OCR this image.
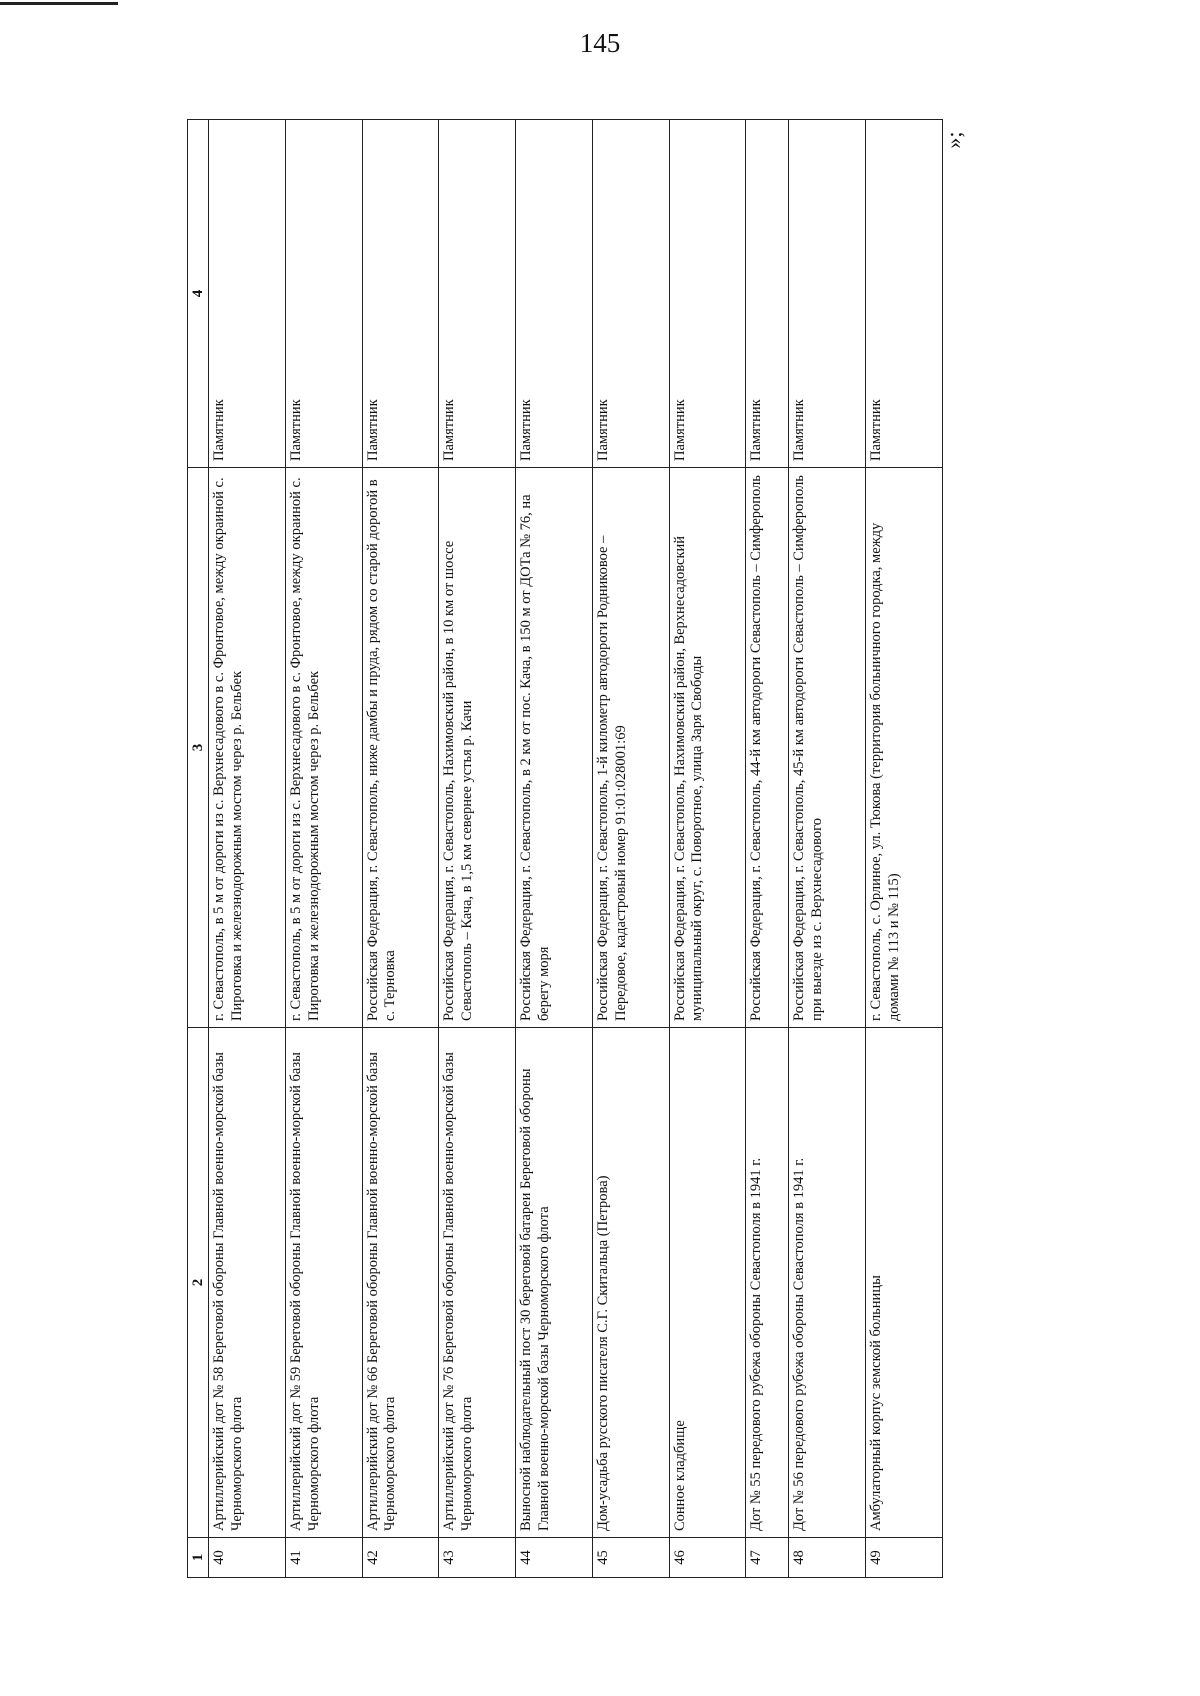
145
»;
1	2	3	4
40	Артиллерийский дот № 58 Береговой обороны Главной военно-морской базы Черноморского флота	г. Севастополь, в 5 м от дороги из с. Верхнесадового в с. Фронтовое, между окраиной с. Пироговка и железнодорожным мостом через р. Бельбек	Памятник
41	Артиллерийский дот № 59 Береговой обороны Главной военно-морской базы Черноморского флота	г. Севастополь, в 5 м от дороги из с. Верхнесадового в с. Фронтовое, между окраиной с. Пироговка и железнодорожным мостом через р. Бельбек	Памятник
42	Артиллерийский дот № 66 Береговой обороны Главной военно-морской базы Черноморского флота	Российская Федерация, г. Севастополь, ниже дамбы и пруда, рядом со старой дорогой в с. Терновка	Памятник
43	Артиллерийский дот № 76 Береговой обороны Главной военно-морской базы Черноморского флота	Российская Федерация, г. Севастополь, Нахимовский район, в 10 км от шоссе Севастополь – Кача, в 1,5 км севернее устья р. Качи	Памятник
44	Выносной наблюдательный пост 30 береговой батареи Береговой обороны Главной военно-морской базы Черноморского флота	Российская Федерация, г. Севастополь, в 2 км от пос. Кача, в 150 м от ДОТа № 76, на берегу моря	Памятник
45	Дом-усадьба русского писателя С.Г. Скитальца (Петрова)	Российская Федерация, г. Севастополь, 1-й километр автодороги Родниковое – Передовое, кадастровый номер 91:01:028001:69	Памятник
46	Сонное кладбище	Российская Федерация, г. Севастополь, Нахимовский район, Верхнесадовский муниципальный округ, с. Поворотное, улица Заря Свободы	Памятник
47	Дот № 55 передового рубежа обороны Севастополя в 1941 г.	Российская Федерация, г. Севастополь, 44-й км автодороги Севастополь – Симферополь	Памятник
48	Дот № 56 передового рубежа обороны Севастополя в 1941 г.	Российская Федерация, г. Севастополь, 45-й км автодороги Севастополь – Симферополь при выезде из с. Верхнесадового	Памятник
49	Амбулаторный корпус земской больницы	г. Севастополь, с. Орлиное, ул. Тюкова (территория больничного городка, между домами № 113 и № 115)	Памятник
